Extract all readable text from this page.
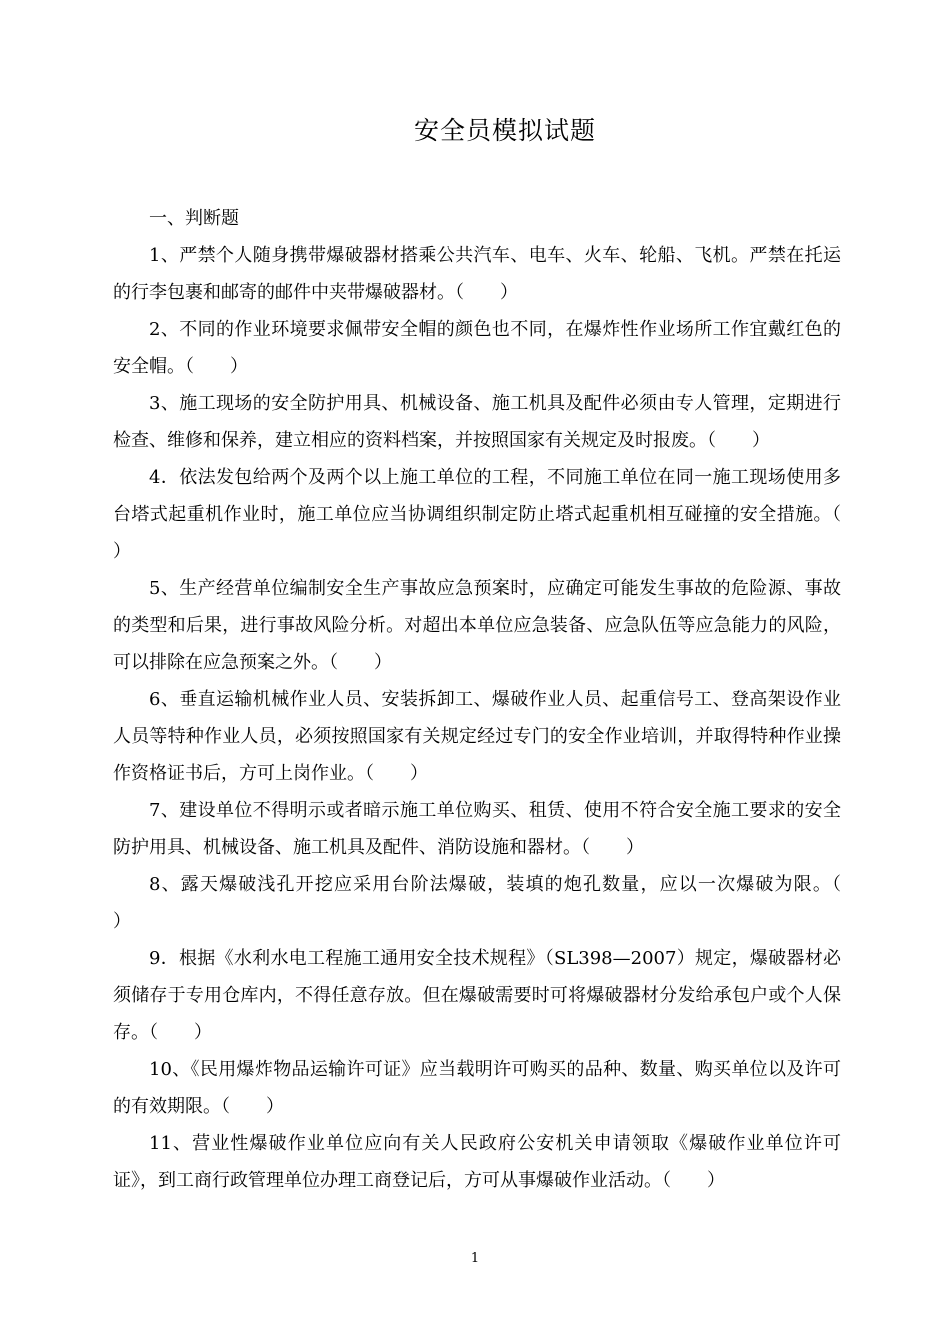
安全员模拟试题

一、判断题

1、严禁个人随身携带爆破器材搭乘公共汽车、电车、火车、轮船、飞机。严禁在托运的行李包裹和邮寄的邮件中夹带爆破器材。（　　）

2、不同的作业环境要求佩带安全帽的颜色也不同，在爆炸性作业场所工作宜戴红色的安全帽。（　　）

3、施工现场的安全防护用具、机械设备、施工机具及配件必须由专人管理，定期进行检查、维修和保养，建立相应的资料档案，并按照国家有关规定及时报废。（　　）

4．依法发包给两个及两个以上施工单位的工程，不同施工单位在同一施工现场使用多台塔式起重机作业时，施工单位应当协调组织制定防止塔式起重机相互碰撞的安全措施。（　　）

5、生产经营单位编制安全生产事故应急预案时，应确定可能发生事故的危险源、事故的类型和后果，进行事故风险分析。对超出本单位应急装备、应急队伍等应急能力的风险，可以排除在应急预案之外。（　　）

6、垂直运输机械作业人员、安装拆卸工、爆破作业人员、起重信号工、登高架设作业人员等特种作业人员，必须按照国家有关规定经过专门的安全作业培训，并取得特种作业操作资格证书后，方可上岗作业。（　　）

7、建设单位不得明示或者暗示施工单位购买、租赁、使用不符合安全施工要求的安全防护用具、机械设备、施工机具及配件、消防设施和器材。（　　）

8、露天爆破浅孔开挖应采用台阶法爆破，装填的炮孔数量，应以一次爆破为限。（　　）

9．根据《水利水电工程施工通用安全技术规程》（SL398—2007）规定，爆破器材必须储存于专用仓库内，不得任意存放。但在爆破需要时可将爆破器材分发给承包户或个人保存。（　　）

10、《民用爆炸物品运输许可证》应当载明许可购买的品种、数量、购买单位以及许可的有效期限。（　　）

11、营业性爆破作业单位应向有关人民政府公安机关申请领取《爆破作业单位许可证》，到工商行政管理单位办理工商登记后，方可从事爆破作业活动。（　　）

1
